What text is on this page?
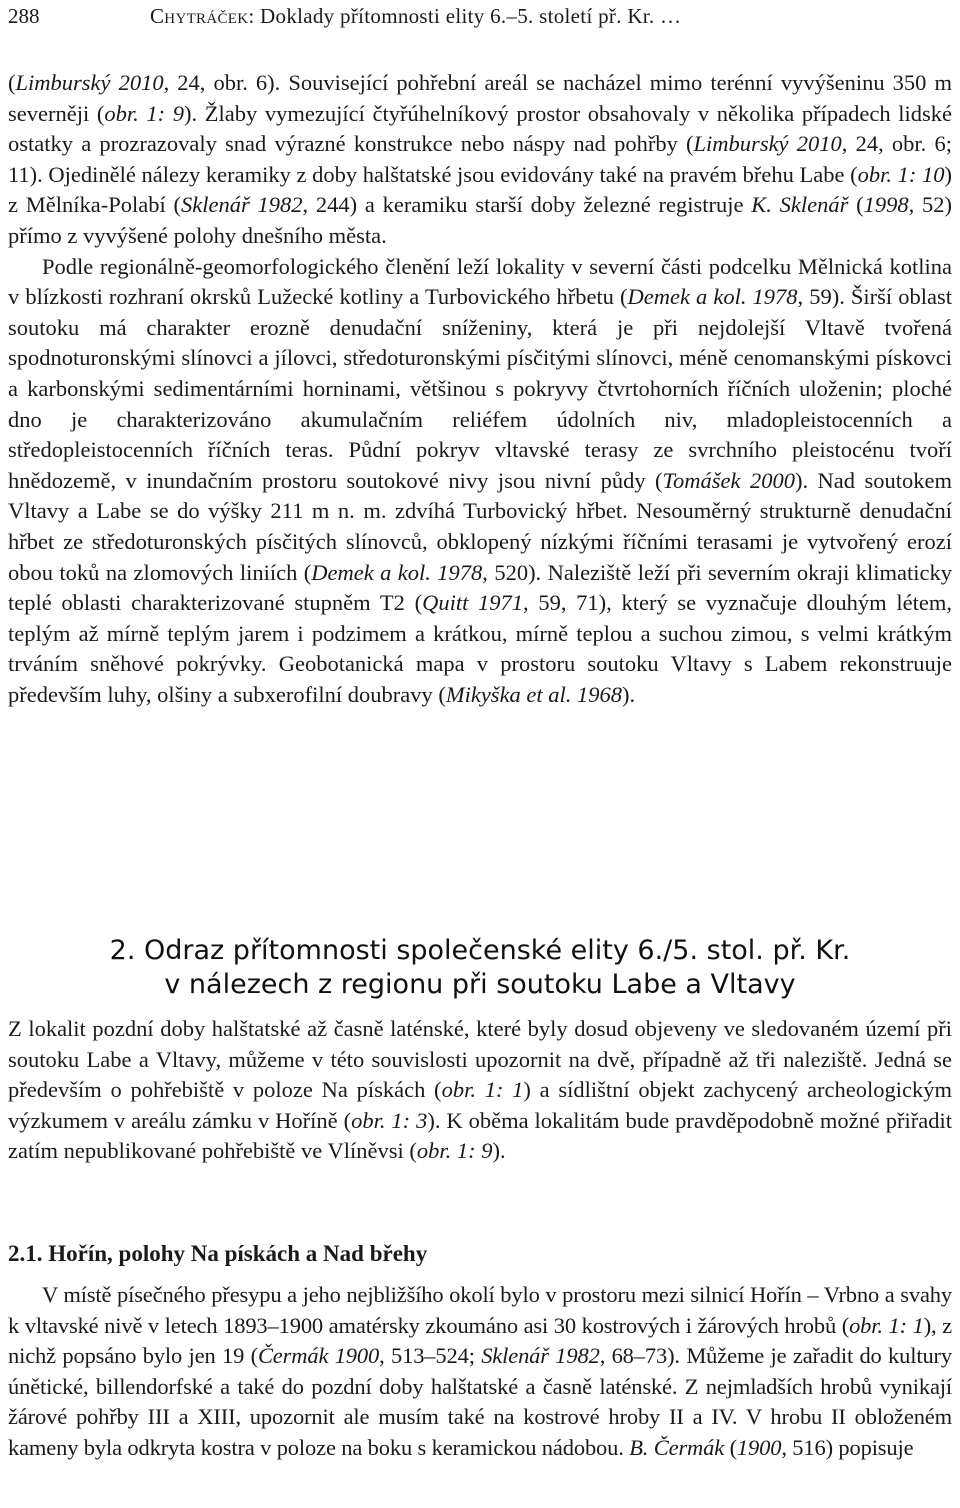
288	Chytráček: Doklady přítomnosti elity 6.–5. století př. Kr. …

(Limburský 2010, 24, obr. 6). Související pohřební areál se nacházel mimo terénní vyvýšeninu 350 m severněji (obr. 1: 9). Žlaby vymezující čtyřúhelníkový prostor obsahovaly v několika případech lidské ostatky a prozrazovaly snad výrazné konstrukce nebo náspy nad pohřby (Limburský 2010, 24, obr. 6; 11). Ojedinělé nálezy keramiky z doby halštatské jsou evidovány také na pravém břehu Labe (obr. 1: 10) z Mělníka-Polabí (Sklenář 1982, 244) a keramiku starší doby železné registruje K. Sklenář (1998, 52) přímo z vyvýšené polohy dnešního města.

Podle regionálně-geomorfologického členění leží lokality v severní části podcelku Mělnická kotlina v blízkosti rozhraní okrsků Lužecké kotliny a Turbovického hřbetu (Demek a kol. 1978, 59). Širší oblast soutoku má charakter erozně denudační sníženiny, která je při nejdolejší Vltavě tvořená spodnoturonskými slínovci a jílovci, středoturonskými písčitými slínovci, méně cenomanskými pískovci a karbonskými sedimentárními horninami, většinou s pokryvy čtvrtohorních říčních uloženin; ploché dno je charakterizováno akumulačním reliéfem údolních niv, mladopleistocenních a středopleistocenních říčních teras. Půdní pokryv vltavské terasy ze svrchního pleistocénu tvoří hnědozemě, v inundačním prostoru soutokové nivy jsou nivní půdy (Tomášek 2000). Nad soutokem Vltavy a Labe se do výšky 211 m n. m. zdvíhá Turbovický hřbet. Nesouměrný strukturně denudační hřbet ze středoturonských písčitých slínovců, obklopený nízkými říčními terasami je vytvořený erozí obou toků na zlomových liniích (Demek a kol. 1978, 520). Naleziště leží při severním okraji klimaticky teplé oblasti charakterizované stupněm T2 (Quitt 1971, 59, 71), který se vyznačuje dlouhým létem, teplým až mírně teplým jarem i podzimem a krátkou, mírně teplou a suchou zimou, s velmi krátkým trváním sněhové pokrývky. Geobotanická mapa v prostoru soutoku Vltavy s Labem rekonstruuje především luhy, olšiny a subxerofilní doubravy (Mikyška et al. 1968).

2. Odraz přítomnosti společenské elity 6./5. stol. př. Kr.
v nálezech z regionu při soutoku Labe a Vltavy

Z lokalit pozdní doby halštatské až časně laténské, které byly dosud objeveny ve sledovaném území při soutoku Labe a Vltavy, můžeme v této souvislosti upozornit na dvě, případně až tři naleziště. Jedná se především o pohřebiště v poloze Na pískách (obr. 1: 1) a sídlištní objekt zachycený archeologickým výzkumem v areálu zámku v Hoříně (obr. 1: 3). K oběma lokalitám bude pravděpodobně možné přiřadit zatím nepublikované pohřebiště ve Vlíněvsi (obr. 1: 9).

2.1. Hořín, polohy Na pískách a Nad břehy

V místě písečného přesypu a jeho nejbližšího okolí bylo v prostoru mezi silnicí Hořín – Vrbno a svahy k vltavské nivě v letech 1893–1900 amatérsky zkoumáno asi 30 kostrových i žárových hrobů (obr. 1: 1), z nichž popsáno bylo jen 19 (Čermák 1900, 513–524; Sklenář 1982, 68–73). Můžeme je zařadit do kultury únětické, billendorfské a také do pozdní doby halštatské a časně laténské. Z nejmladších hrobů vynikají žárové pohřby III a XIII, upozornit ale musím také na kostrové hroby II a IV. V hrobu II obloženém kameny byla odkryta kostra v poloze na boku s keramickou nádobou. B. Čermák (1900, 516) popisuje
